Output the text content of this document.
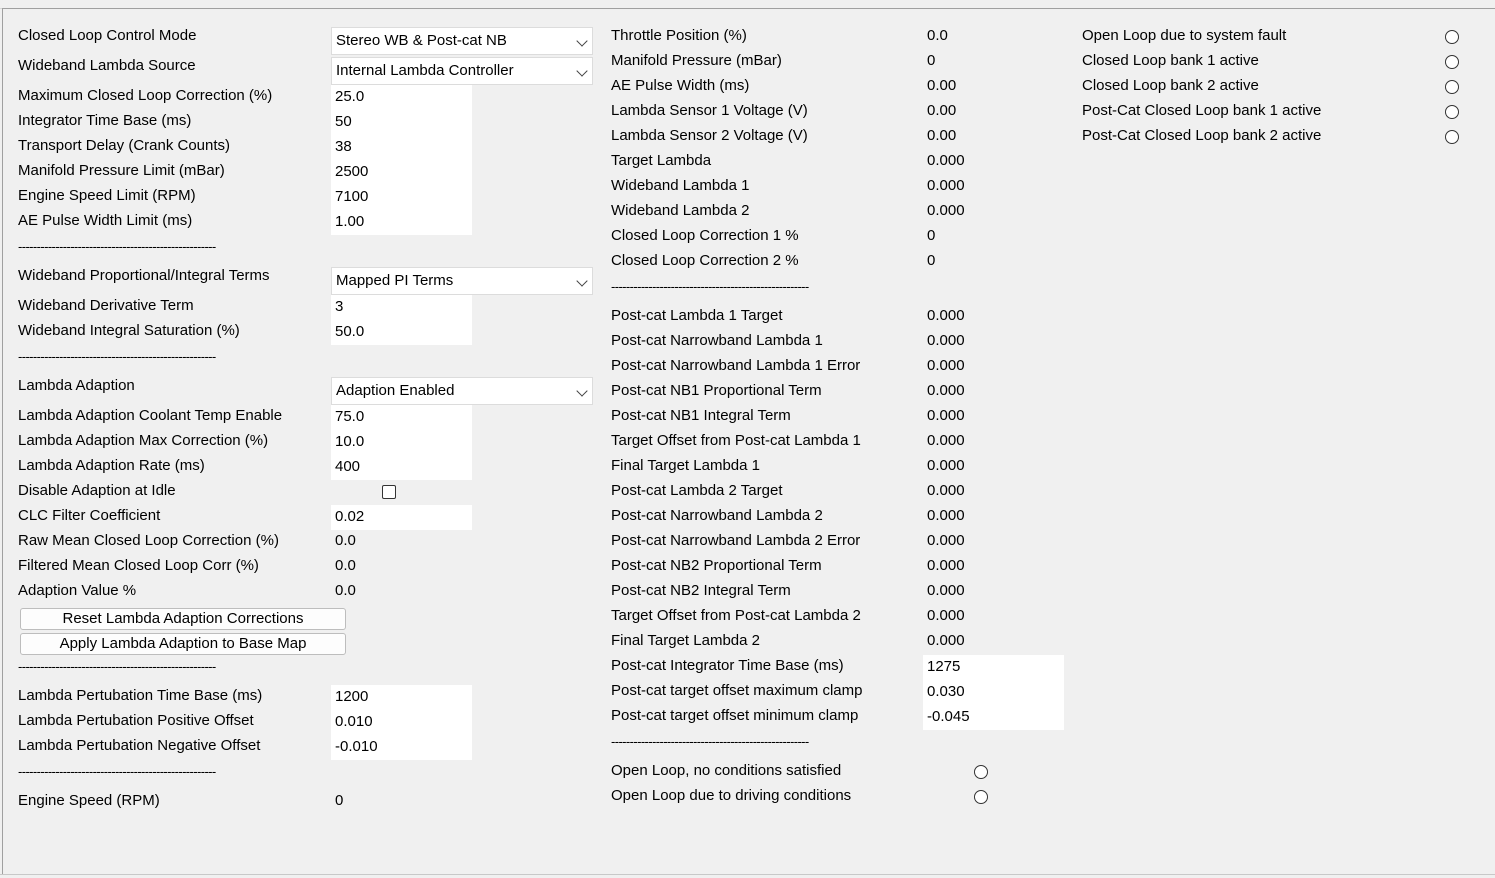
Closed Loop Control Mode	Stereo WB & Post-cat NB
Wideband Lambda Source	Internal Lambda Controller
Maximum Closed Loop Correction (%)	25.0
Integrator Time Base (ms)	50
Transport Delay (Crank Counts)	38
Manifold Pressure Limit (mBar)	2500
Engine Speed Limit (RPM)	7100
AE Pulse Width Limit (ms)	1.00
-----------------------------------------------------
Wideband Proportional/Integral Terms	Mapped PI Terms
Wideband Derivative Term	3
Wideband Integral Saturation (%)	50.0
-----------------------------------------------------
Lambda Adaption	Adaption Enabled
Lambda Adaption Coolant Temp Enable	75.0
Lambda Adaption Max Correction (%)	10.0
Lambda Adaption Rate (ms)	400
Disable Adaption at Idle
CLC Filter Coefficient	0.02
Raw Mean Closed Loop Correction (%)	0.0
Filtered Mean Closed Loop Corr (%)	0.0
Adaption Value %	0.0
Reset Lambda Adaption Corrections
Apply Lambda Adaption to Base Map
-----------------------------------------------------
Lambda Pertubation Time Base (ms)	1200
Lambda Pertubation Positive Offset	0.010
Lambda Pertubation Negative Offset	-0.010
-----------------------------------------------------
Engine Speed (RPM)	0
Throttle Position (%)	0.0
Manifold Pressure (mBar)	0
AE Pulse Width (ms)	0.00
Lambda Sensor 1 Voltage (V)	0.00
Lambda Sensor 2 Voltage (V)	0.00
Target Lambda	0.000
Wideband Lambda 1	0.000
Wideband Lambda 2	0.000
Closed Loop Correction 1 %	0
Closed Loop Correction 2 %	0
-----------------------------------------------------
Post-cat Lambda 1 Target	0.000
Post-cat Narrowband Lambda 1	0.000
Post-cat Narrowband Lambda 1 Error	0.000
Post-cat NB1 Proportional Term	0.000
Post-cat NB1 Integral Term	0.000
Target Offset from Post-cat Lambda 1	0.000
Final Target Lambda 1	0.000
Post-cat Lambda 2 Target	0.000
Post-cat Narrowband Lambda 2	0.000
Post-cat Narrowband Lambda 2 Error	0.000
Post-cat NB2 Proportional Term	0.000
Post-cat NB2 Integral Term	0.000
Target Offset from Post-cat Lambda 2	0.000
Final Target Lambda 2	0.000
Post-cat Integrator Time Base (ms)	1275
Post-cat target offset maximum clamp	0.030
Post-cat target offset minimum clamp	-0.045
-----------------------------------------------------
Open Loop, no conditions satisfied
Open Loop due to driving conditions
Open Loop due to system fault
Closed Loop bank 1 active
Closed Loop bank 2 active
Post-Cat Closed Loop bank 1 active
Post-Cat Closed Loop bank 2 active
